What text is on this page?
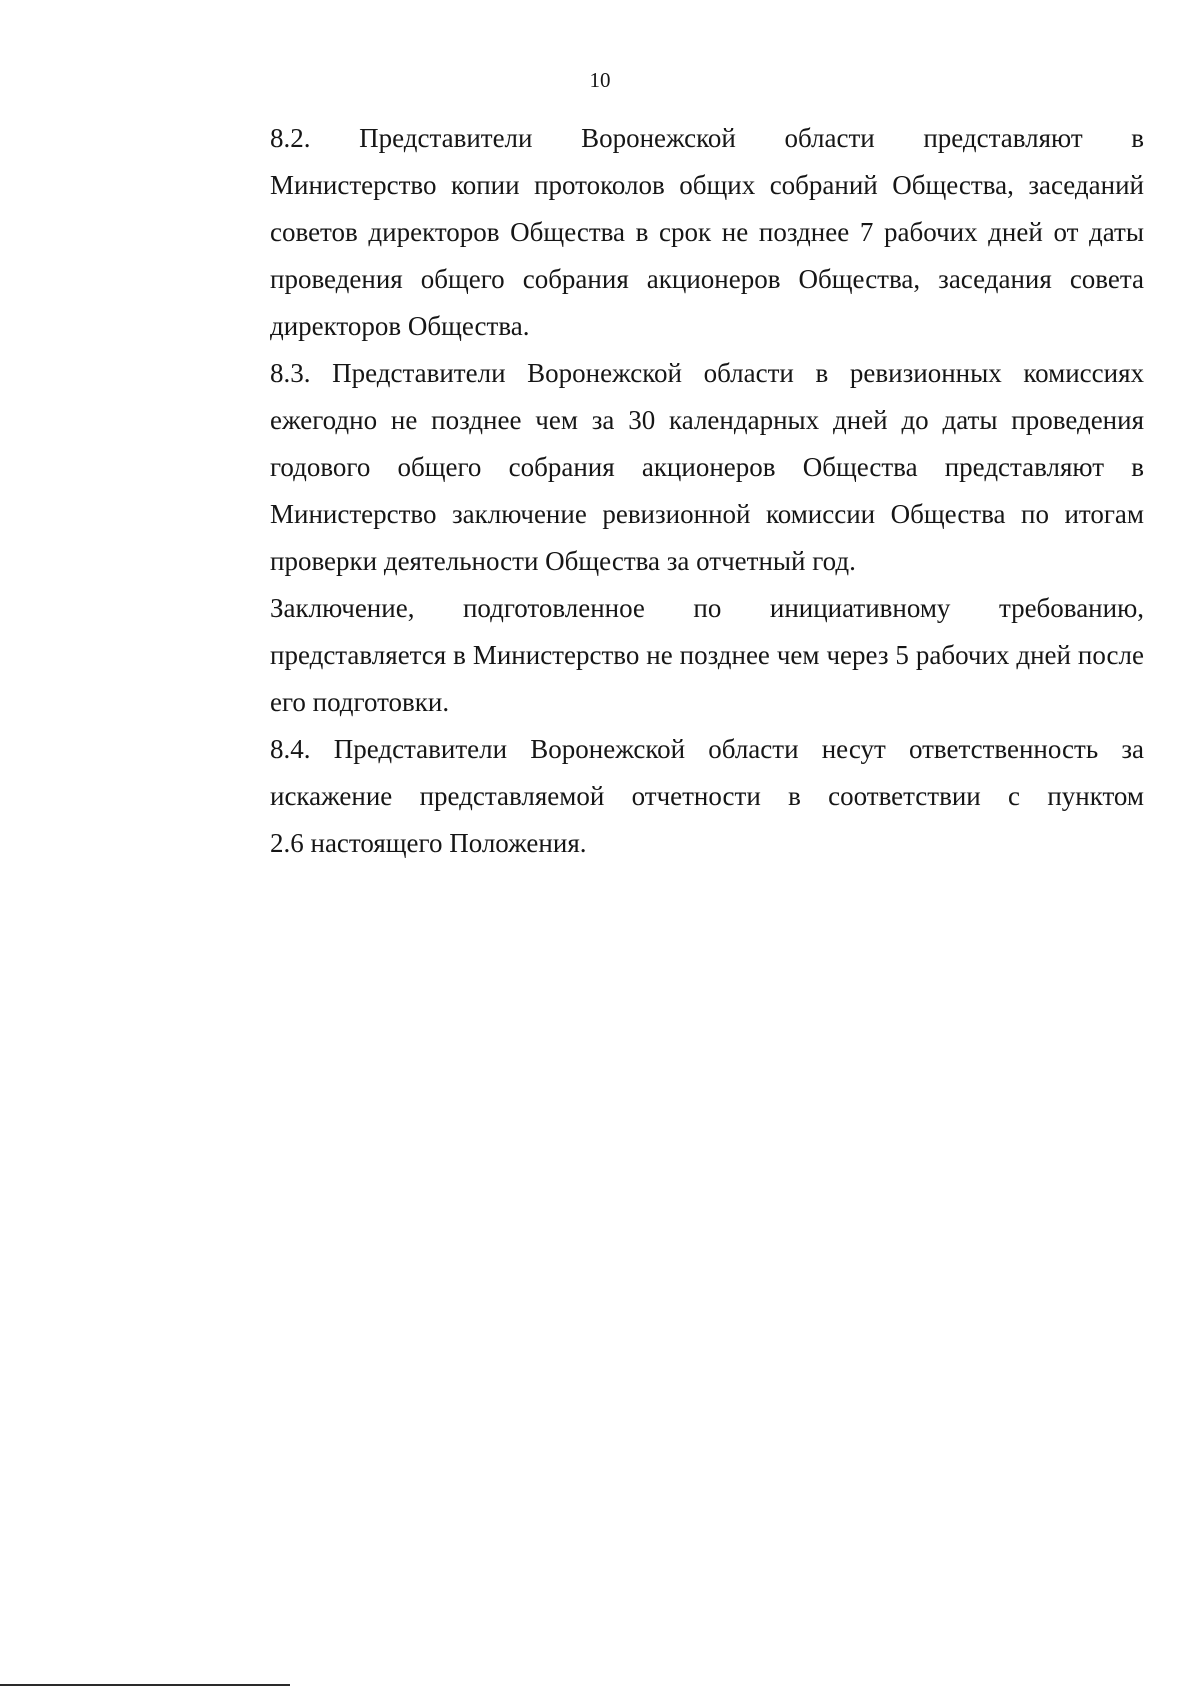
10

8.2. Представители Воронежской области представляют в
Министерство копии протоколов общих собраний Общества, заседаний
советов директоров Общества в срок не позднее 7 рабочих дней от даты
проведения общего собрания акционеров Общества, заседания совета
директоров Общества.

8.3. Представители Воронежской области в ревизионных комиссиях
ежегодно не позднее чем за 30 календарных дней до даты проведения
годового общего собрания акционеров Общества представляют в
Министерство заключение ревизионной комиссии Общества по итогам
проверки деятельности Общества за отчетный год.

Заключение, подготовленное по инициативному требованию,
представляется в Министерство не позднее чем через 5 рабочих дней после
его подготовки.

8.4. Представители Воронежской области несут ответственность за
искажение представляемой отчетности в соответствии с пунктом
2.6 настоящего Положения.
